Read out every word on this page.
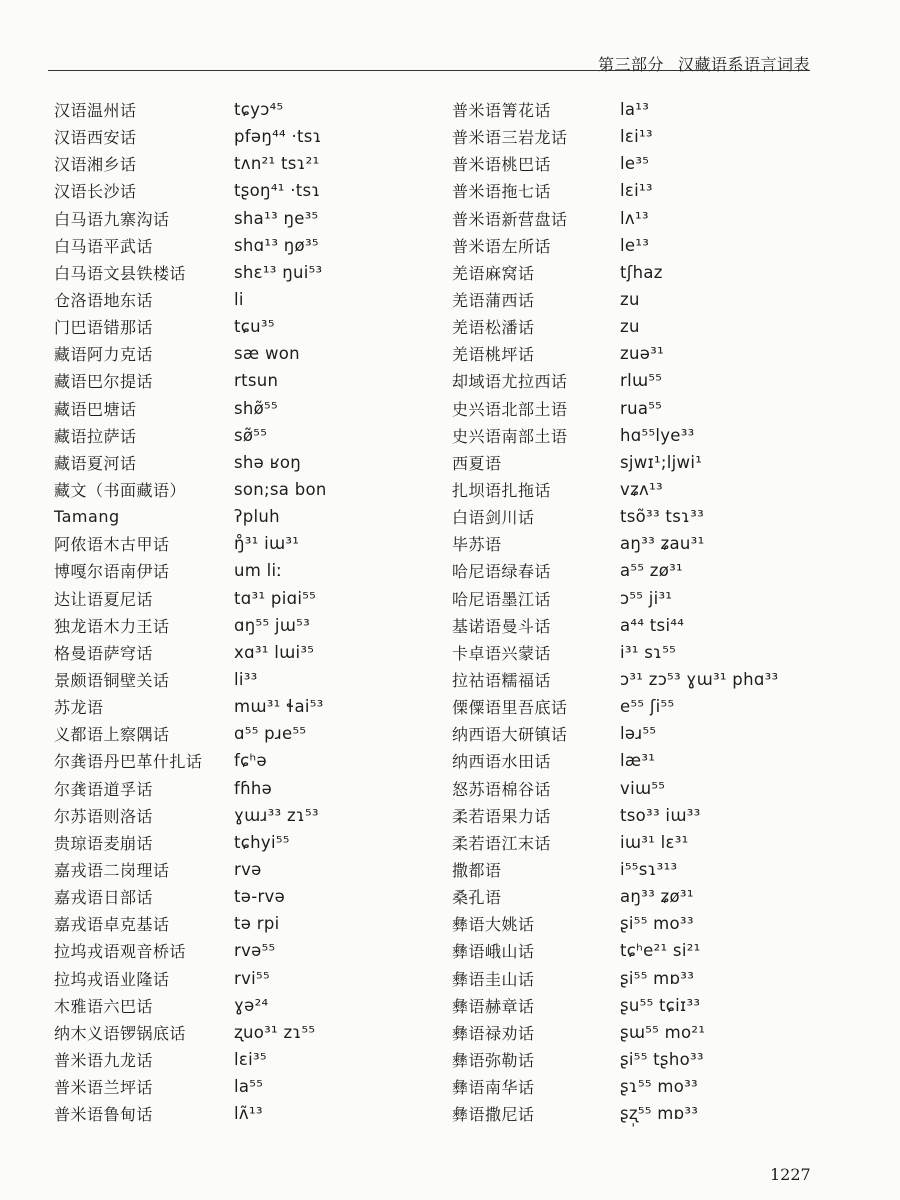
第三部分 汉藏语系语言词表
汉语温州话	tɕyɔ⁴⁵
汉语西安话	pfəŋ⁴⁴ ·tsɿ
汉语湘乡话	tʌn²¹ tsɿ²¹
汉语长沙话	tʂoŋ⁴¹ ·tsɿ
白马语九寨沟话	sha¹³ ŋe³⁵
白马语平武话	shɑ¹³ ŋø³⁵
白马语文县铁楼话	shɛ¹³ ŋui⁵³
仓洛语地东话	li
门巴语错那话	tɕu³⁵
藏语阿力克话	sæ won
藏语巴尔提话	rtsun
藏语巴塘话	shø̃⁵⁵
藏语拉萨话	sø̃⁵⁵
藏语夏河话	shə ʁoŋ
藏文（书面藏语）	son;sa bon
Tamang	ʔpluh
阿侬语木古甲话	ŋ̊³¹ iɯ³¹
博嘎尔语南伊话	um liː
达让语夏尼话	tɑ³¹ piɑi⁵⁵
独龙语木力王话	ɑŋ⁵⁵ jɯ⁵³
格曼语萨穹话	xɑ³¹ lɯi³⁵
景颇语铜壁关话	li³³
苏龙语	mɯ³¹ ɬai⁵³
义都语上察隅话	ɑ⁵⁵ pɹe⁵⁵
尔龚语丹巴革什扎话	fɕʰə
尔龚语道孚话	fɦhə
尔苏语则洛话	ɣɯɹ³³ zɿ⁵³
贵琼语麦崩话	tɕhyi⁵⁵
嘉戎语二岗理话	rvə
嘉戎语日部话	tə-rvə
嘉戎语卓克基话	tə rpi
拉坞戎语观音桥话	rvə⁵⁵
拉坞戎语业隆话	rvi⁵⁵
木雅语六巴话	ɣə²⁴
纳木义语锣锅底话	ʐuo³¹ zɿ⁵⁵
普米语九龙话	lɛi³⁵
普米语兰坪话	la⁵⁵
普米语鲁甸话	lʌ̃¹³
普米语箐花话	la¹³
普米语三岩龙话	lɛi¹³
普米语桃巴话	le³⁵
普米语拖七话	lɛi¹³
普米语新营盘话	lʌ¹³
普米语左所话	le¹³
羌语麻窝话	tʃhaz
羌语蒲西话	zu
羌语松潘话	zu
羌语桃坪话	zuə³¹
却域语尤拉西话	rlɯ⁵⁵
史兴语北部土语	rua⁵⁵
史兴语南部土语	hɑ⁵⁵lye³³
西夏语	sjwɪ¹;ljwi¹
扎坝语扎拖话	vʑʌ¹³
白语剑川话	tsõ³³ tsɿ³³
毕苏语	aŋ³³ ʑau³¹
哈尼语绿春话	a⁵⁵ zø³¹
哈尼语墨江话	ɔ⁵⁵ ji³¹
基诺语曼斗话	a⁴⁴ tsi⁴⁴
卡卓语兴蒙话	i³¹ sɿ⁵⁵
拉祜语糯福话	ɔ³¹ zɔ⁵³ ɣɯ³¹ phɑ³³
傈僳语里吾底话	e⁵⁵ ʃi⁵⁵
纳西语大研镇话	ləɹ⁵⁵
纳西语水田话	læ³¹
怒苏语棉谷话	viɯ⁵⁵
柔若语果力话	tso³³ iɯ³³
柔若语江末话	iɯ³¹ lɛ³¹
撒都语	i⁵⁵sɿ³¹³
桑孔语	aŋ³³ ʑø³¹
彝语大姚话	ʂi⁵⁵ mo³³
彝语峨山话	tɕʰe²¹ si²¹
彝语圭山话	ʂi⁵⁵ mɒ³³
彝语赫章话	ʂu⁵⁵ tɕiɪ³³
彝语禄劝话	ʂɯ⁵⁵ mo²¹
彝语弥勒话	ʂi⁵⁵ tʂho³³
彝语南华话	ʂɿ⁵⁵ mo³³
彝语撒尼话	ʂʐ̩⁵⁵ mɒ³³
1227
